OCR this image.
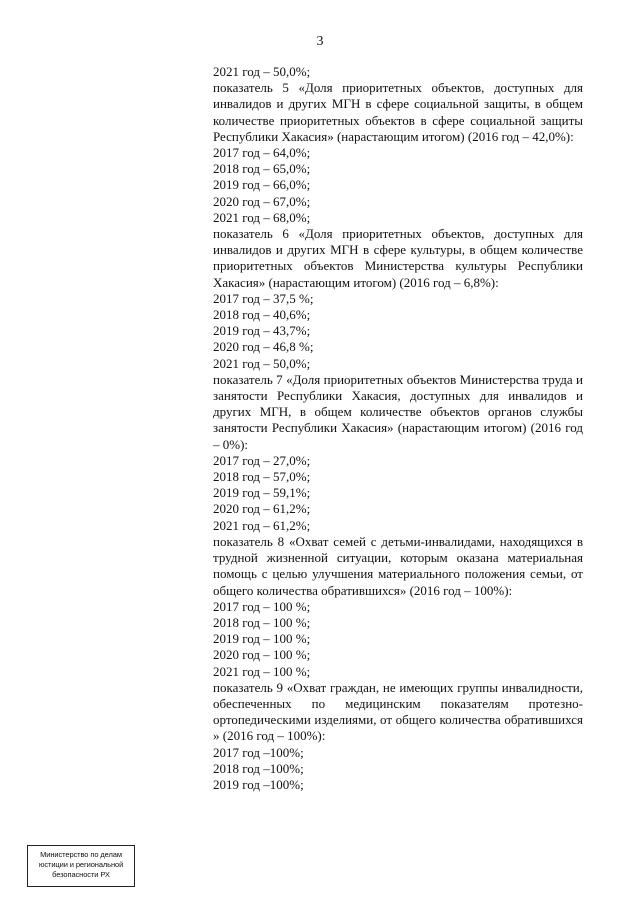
3
2021 год – 50,0%;
показатель 5 «Доля приоритетных объектов, доступных для инвалидов и других МГН в сфере социальной защиты, в общем количестве приоритетных объектов в сфере социальной защиты Республики Хакасия» (нарастающим итогом) (2016 год – 42,0%):
2017 год – 64,0%;
2018 год – 65,0%;
2019 год – 66,0%;
2020 год – 67,0%;
2021 год – 68,0%;
показатель 6 «Доля приоритетных объектов, доступных для инвалидов и других МГН в сфере культуры, в общем количестве приоритетных объектов Министерства культуры Республики Хакасия» (нарастающим итогом) (2016 год – 6,8%):
2017 год – 37,5 %;
2018 год – 40,6%;
2019 год – 43,7%;
2020 год – 46,8 %;
2021 год – 50,0%;
показатель 7 «Доля приоритетных объектов Министерства труда и занятости Республики Хакасия, доступных для инвалидов и других МГН, в общем количестве объектов органов службы занятости Республики Хакасия» (нарастающим итогом) (2016 год – 0%):
2017 год – 27,0%;
2018 год – 57,0%;
2019 год – 59,1%;
2020 год – 61,2%;
2021 год – 61,2%;
показатель 8 «Охват семей с детьми-инвалидами, находящихся в трудной жизненной ситуации, которым оказана материальная помощь с целью улучшения материального положения семьи, от общего количества обратившихся» (2016 год – 100%):
2017 год – 100 %;
2018 год – 100 %;
2019 год – 100 %;
2020 год – 100 %;
2021 год – 100 %;
показатель 9 «Охват граждан, не имеющих группы инвалидности, обеспеченных по медицинским показателям протезно-ортопедическими изделиями, от общего количества обратившихся » (2016 год – 100%):
2017 год –100%;
2018 год –100%;
2019 год –100%;
Министерство по делам
юстиции и региональной
безопасности РХ
